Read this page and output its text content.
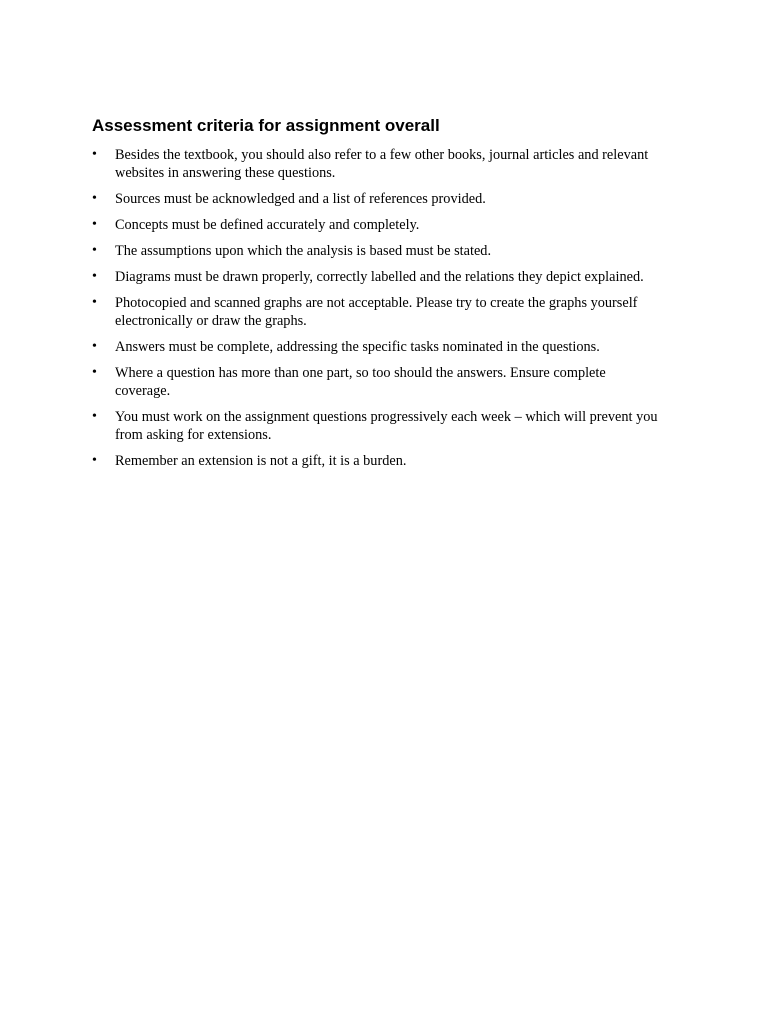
Assessment criteria for assignment overall
• Besides the textbook, you should also refer to a few other books, journal articles and relevant websites in answering these questions.
• Sources must be acknowledged and a list of references provided.
• Concepts must be defined accurately and completely.
• The assumptions upon which the analysis is based must be stated.
• Diagrams must be drawn properly, correctly labelled and the relations they depict explained.
• Photocopied and scanned graphs are not acceptable. Please try to create the graphs yourself electronically or draw the graphs.
• Answers must be complete, addressing the specific tasks nominated in the questions.
• Where a question has more than one part, so too should the answers. Ensure complete coverage.
• You must work on the assignment questions progressively each week – which will prevent you from asking for extensions.
• Remember an extension is not a gift, it is a burden.
